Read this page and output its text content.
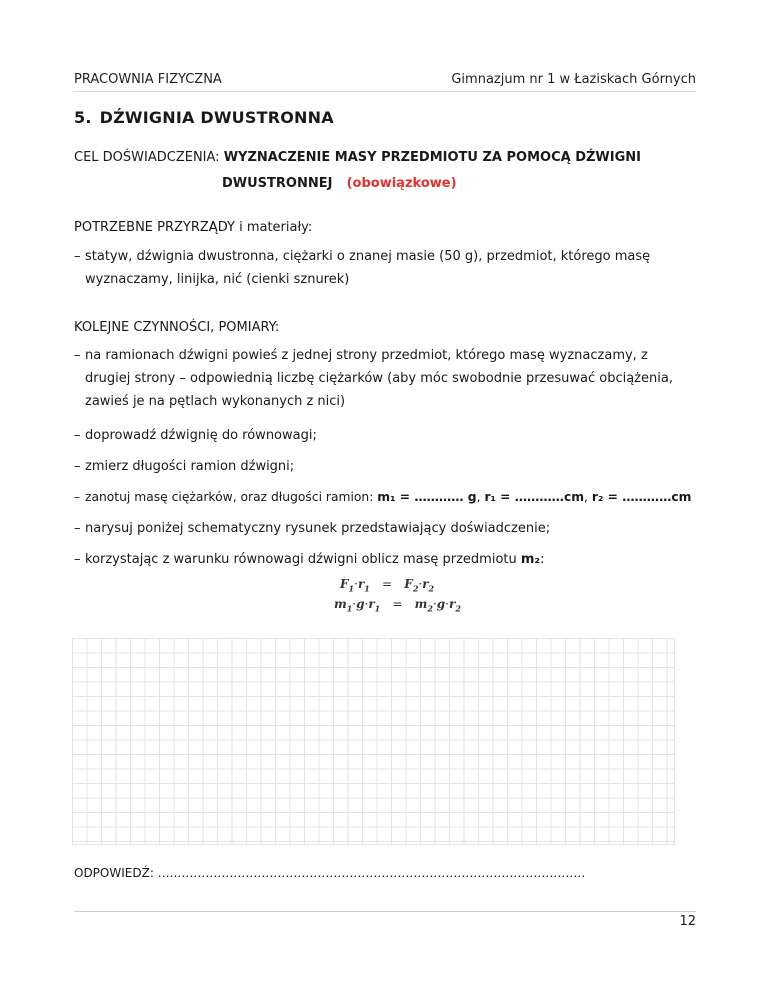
PRACOWNIA FIZYCZNA	Gimnazjum nr 1 w Łaziskach Górnych
5. DŹWIGNIA DWUSTRONNA
CEL DOŚWIADCZENIA: WYZNACZENIE MASY PRZEDMIOTU ZA POMOCĄ DŹWIGNI
DWUSTRONNEJ (obowiązkowe)
POTRZEBNE PRZYRZĄDY i materiały:
– statyw, dźwignia dwustronna, ciężarki o znanej masie (50 g), przedmiot, którego masę wyznaczamy, linijka, nić (cienki sznurek)
KOLEJNE CZYNNOŚCI, POMIARY:
– na ramionach dźwigni powieś z jednej strony przedmiot, którego masę wyznaczamy, z drugiej strony – odpowiednią liczbę ciężarków (aby móc swobodnie przesuwać obciążenia, zawieś je na pętlach wykonanych z nici)
– doprowadź dźwignię do równowagi;
– zmierz długości ramion dźwigni;
– zanotuj masę ciężarków, oraz długości ramion: m₁ = ………… g, r₁ = …………cm, r₂ = …………cm
– narysuj poniżej schematyczny rysunek przedstawiający doświadczenie;
– korzystając z warunku równowagi dźwigni oblicz masę przedmiotu m₂:
$F_1\cdot r_1 = F_2\cdot r_2$
$m_1\cdot g\cdot r_1 = m_2\cdot g\cdot r_2$
ODPOWIEDŹ: …..…………………………………………………………………………………………
12
